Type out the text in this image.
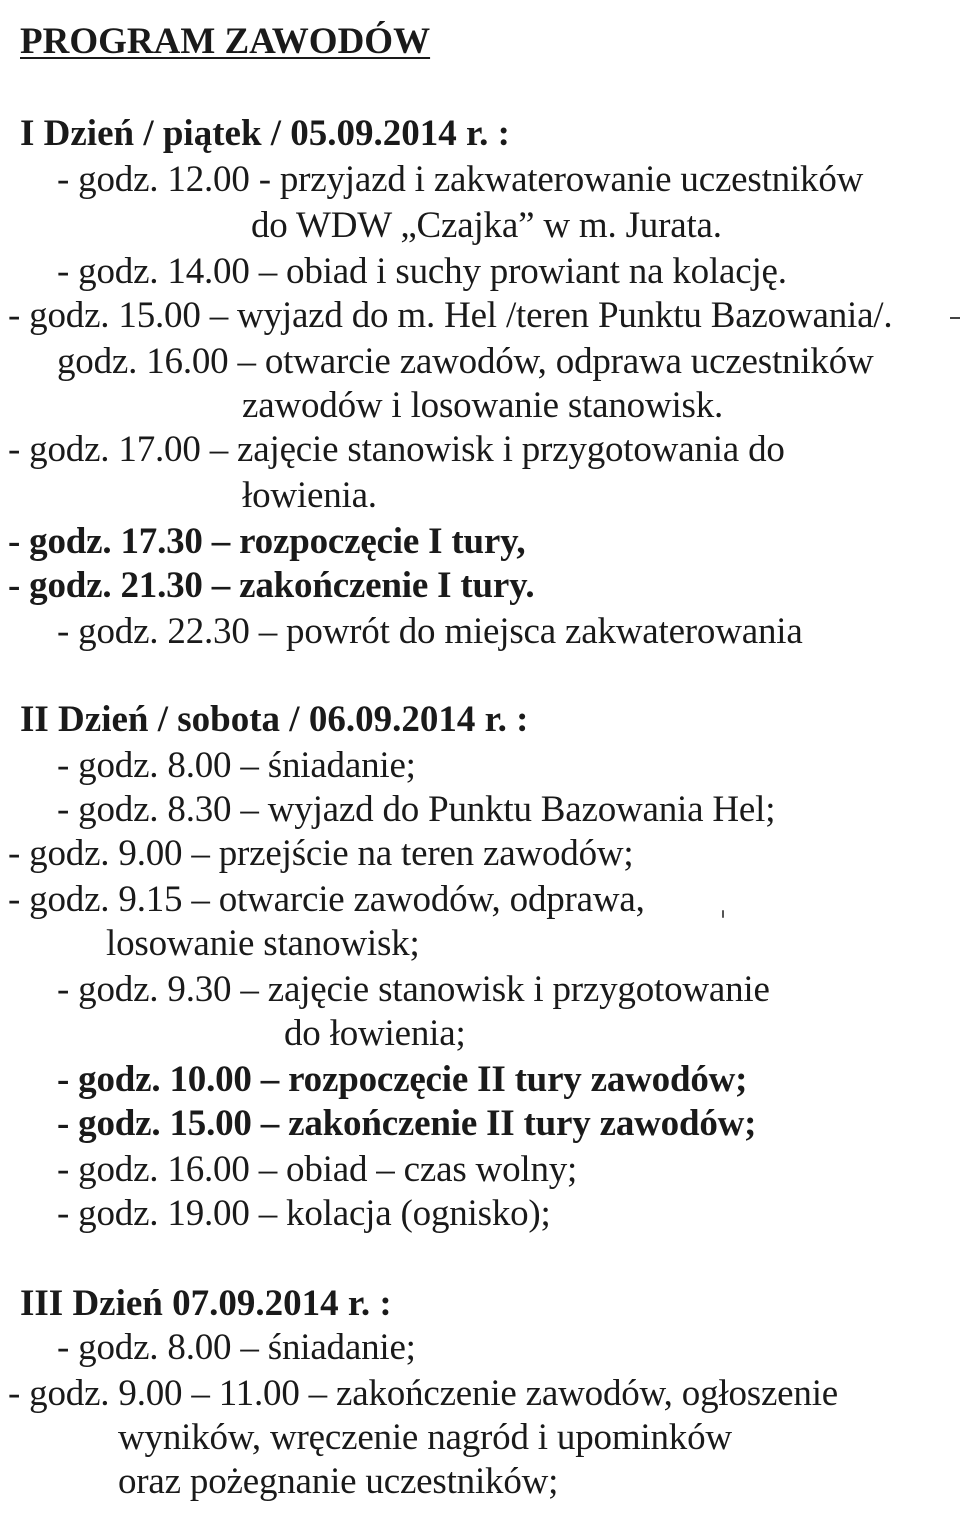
PROGRAM ZAWODÓW
I Dzień / piątek / 05.09.2014 r. :
- godz. 12.00 - przyjazd i zakwaterowanie uczestników
do WDW „Czajka” w m. Jurata.
- godz. 14.00 – obiad i suchy prowiant na kolację.
- godz. 15.00 – wyjazd do m. Hel /teren Punktu Bazowania/.
godz. 16.00 – otwarcie zawodów, odprawa uczestników
zawodów i losowanie stanowisk.
- godz. 17.00 – zajęcie stanowisk i przygotowania do
łowienia.
- godz. 17.30 – rozpoczęcie I tury,
- godz. 21.30 – zakończenie I tury.
- godz. 22.30 – powrót do miejsca zakwaterowania
II Dzień / sobota / 06.09.2014 r. :
- godz. 8.00 – śniadanie;
- godz. 8.30 – wyjazd do Punktu Bazowania Hel;
- godz. 9.00 – przejście na teren zawodów;
- godz. 9.15 – otwarcie zawodów, odprawa,
losowanie stanowisk;
- godz. 9.30 – zajęcie stanowisk i przygotowanie
do łowienia;
- godz. 10.00 – rozpoczęcie II tury zawodów;
- godz. 15.00 – zakończenie II tury zawodów;
- godz. 16.00 – obiad – czas wolny;
- godz. 19.00 – kolacja (ognisko);
III Dzień 07.09.2014 r. :
- godz. 8.00 – śniadanie;
- godz. 9.00 – 11.00 – zakończenie zawodów, ogłoszenie
wyników, wręczenie nagród i upominków
oraz pożegnanie uczestników;
